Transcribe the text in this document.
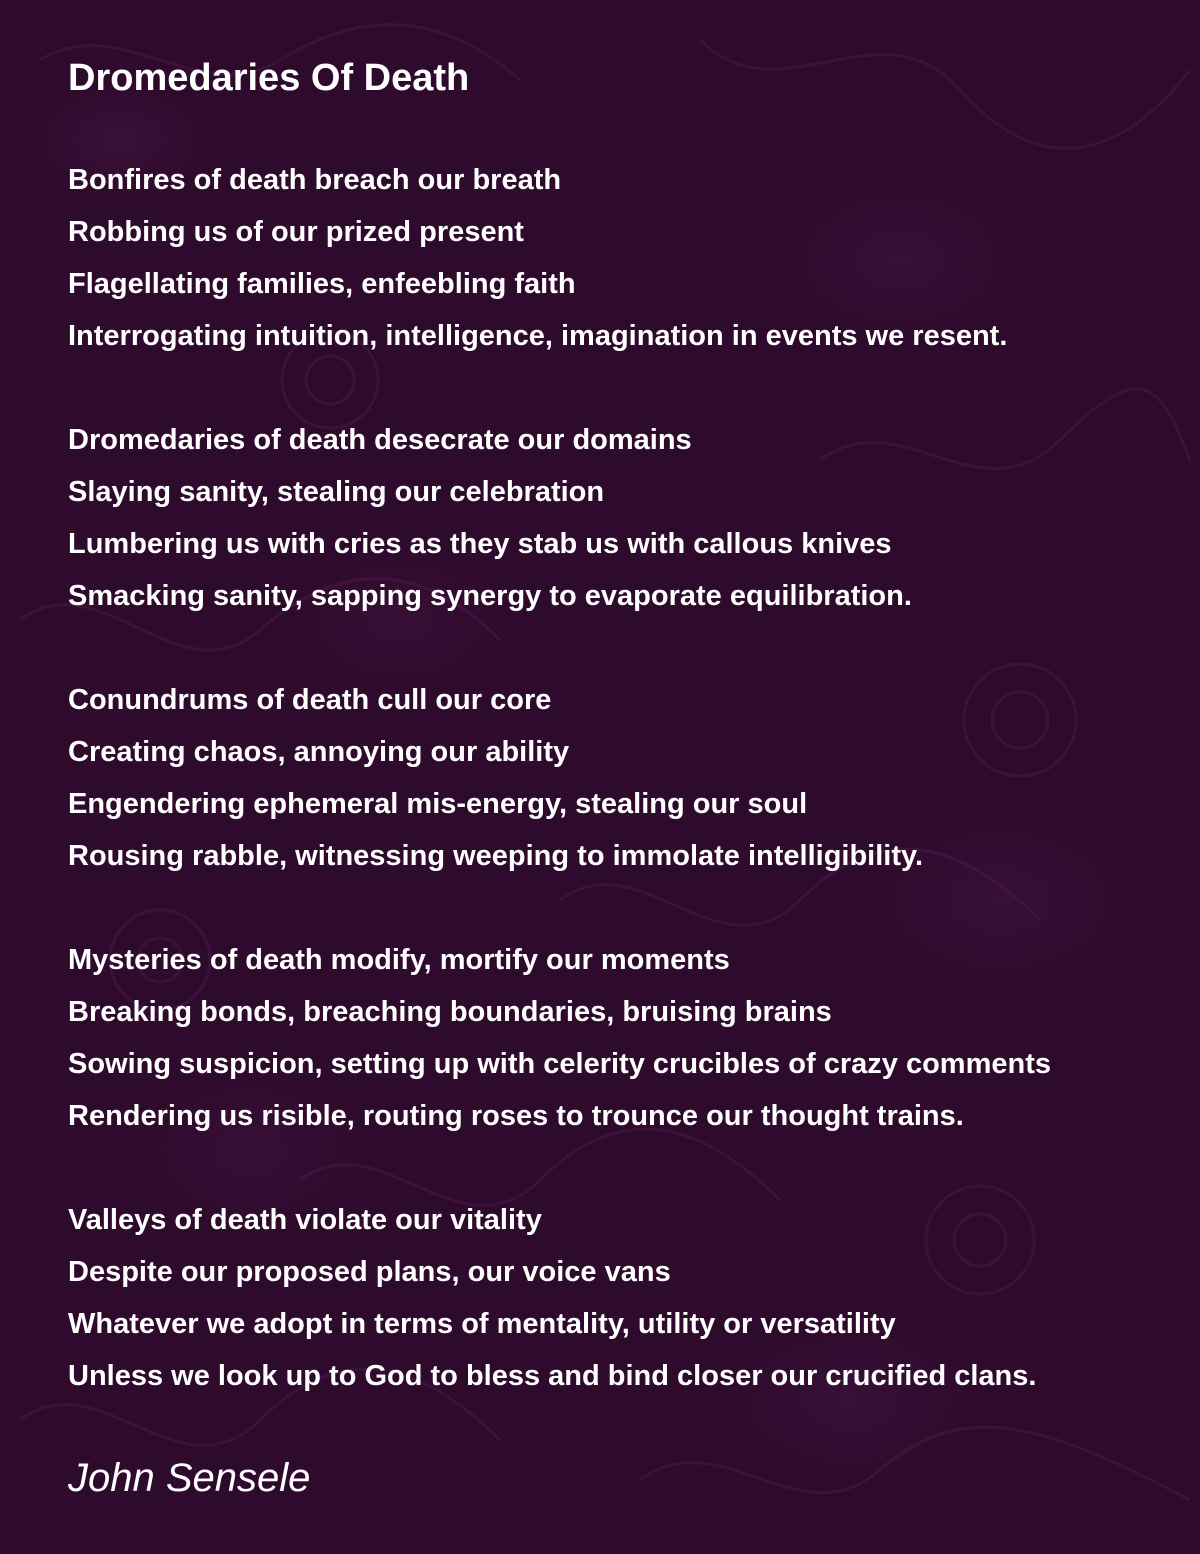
Dromedaries Of Death
Bonfires of death breach our breath
Robbing us of our prized present
Flagellating families, enfeebling faith
Interrogating intuition, intelligence, imagination in events we resent.
Dromedaries of death desecrate our domains
Slaying sanity, stealing our celebration
Lumbering us with cries as they stab us with callous knives
Smacking sanity, sapping synergy to evaporate equilibration.
Conundrums of death cull our core
Creating chaos, annoying our ability
Engendering ephemeral mis-energy, stealing our soul
Rousing rabble, witnessing weeping to immolate intelligibility.
Mysteries of death modify, mortify our moments
Breaking bonds, breaching boundaries, bruising brains
Sowing suspicion, setting up with celerity crucibles of crazy comments
Rendering us risible, routing roses to trounce our thought trains.
Valleys of death violate our vitality
Despite our proposed plans, our voice vans
Whatever we adopt in terms of mentality, utility or versatility
Unless we look up to God to bless and bind closer our crucified clans.
John Sensele
